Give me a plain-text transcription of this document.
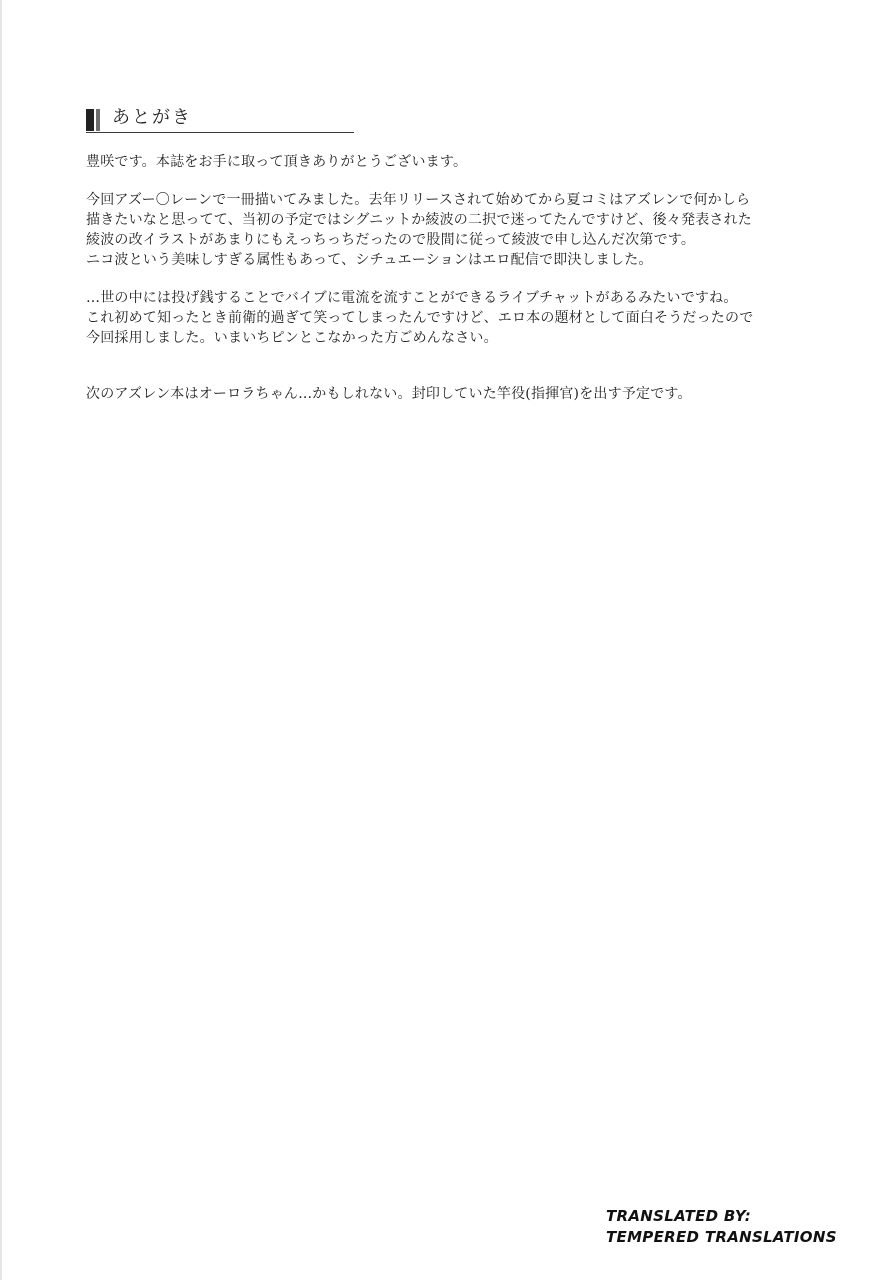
あとがき

豊咲です。本誌をお手に取って頂きありがとうございます。

今回アズー〇レーンで一冊描いてみました。去年リリースされて始めてから夏コミはアズレンで何かしら
描きたいなと思ってて、当初の予定ではシグニットか綾波の二択で迷ってたんですけど、後々発表された
綾波の改イラストがあまりにもえっちっちだったので股間に従って綾波で申し込んだ次第です。
ニコ波という美味しすぎる属性もあって、シチュエーションはエロ配信で即決しました。

…世の中には投げ銭することでバイブに電流を流すことができるライブチャットがあるみたいですね。
これ初めて知ったとき前衛的過ぎて笑ってしまったんですけど、エロ本の題材として面白そうだったので
今回採用しました。いまいちピンとこなかった方ごめんなさい。

次のアズレン本はオーロラちゃん…かもしれない。封印していた竿役(指揮官)を出す予定です。

TRANSLATED BY:
TEMPERED TRANSLATIONS
